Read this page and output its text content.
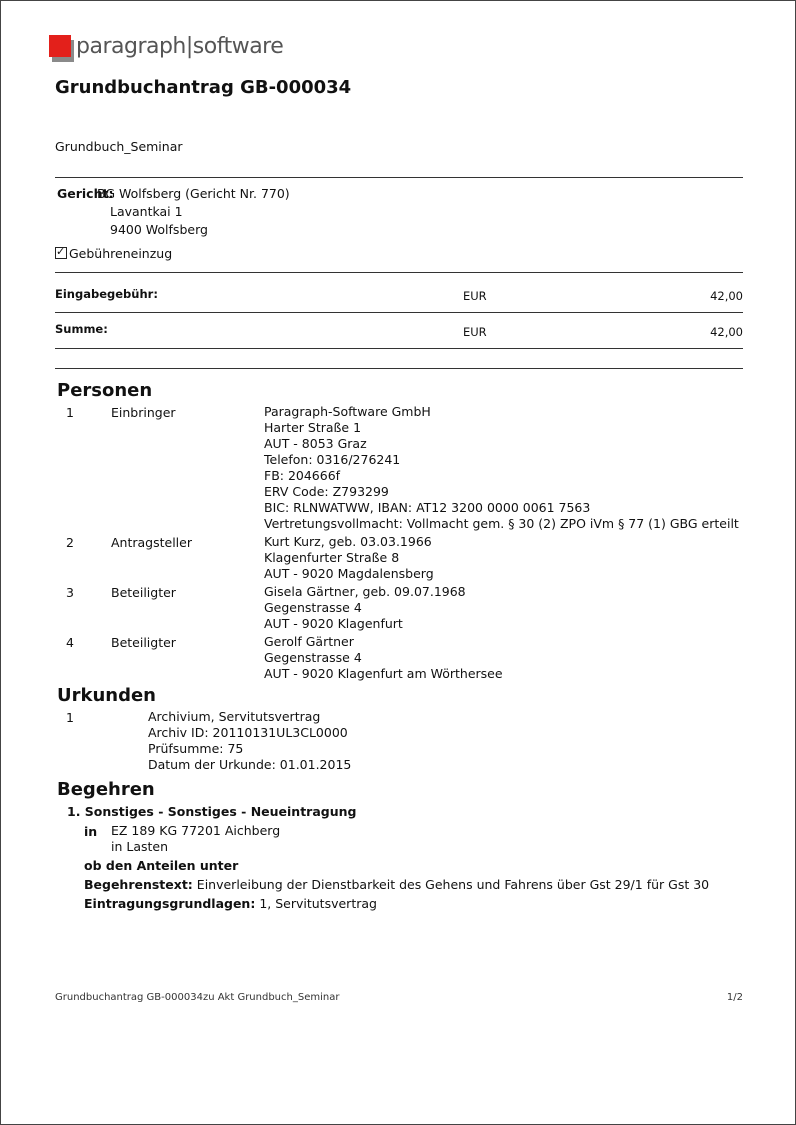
paragraph|software
Grundbuchantrag GB-000034
Grundbuch_Seminar
Gericht:
BG Wolfsberg (Gericht Nr. 770)
Lavantkai 1
9400 Wolfsberg
✓Gebühreneinzug
Eingabegebühr:	EUR	42,00
Summe:	EUR	42,00
Personen
1	Einbringer	Paragraph-Software GmbH
Harter Straße 1
AUT - 8053 Graz
Telefon: 0316/276241
FB: 204666f
ERV Code: Z793299
BIC: RLNWATWW, IBAN: AT12 3200 0000 0061 7563
Vertretungsvollmacht: Vollmacht gem. § 30 (2) ZPO iVm § 77 (1) GBG erteilt
2	Antragsteller	Kurt Kurz, geb. 03.03.1966
Klagenfurter Straße 8
AUT - 9020 Magdalensberg
3	Beteiligter	Gisela Gärtner, geb. 09.07.1968
Gegenstrasse 4
AUT - 9020 Klagenfurt
4	Beteiligter	Gerolf Gärtner
Gegenstrasse 4
AUT - 9020 Klagenfurt am Wörthersee
Urkunden
1	Archivium, Servitutsvertrag
Archiv ID: 20110131UL3CL0000
Prüfsumme: 75
Datum der Urkunde: 01.01.2015
Begehren
1. Sonstiges - Sonstiges - Neueintragung
in EZ 189 KG 77201 Aichberg
in Lasten
ob den Anteilen unter
Begehrenstext: Einverleibung der Dienstbarkeit des Gehens und Fahrens über Gst 29/1 für Gst 30
Eintragungsgrundlagen: 1, Servitutsvertrag
Grundbuchantrag GB-000034zu Akt Grundbuch_Seminar	1/2
